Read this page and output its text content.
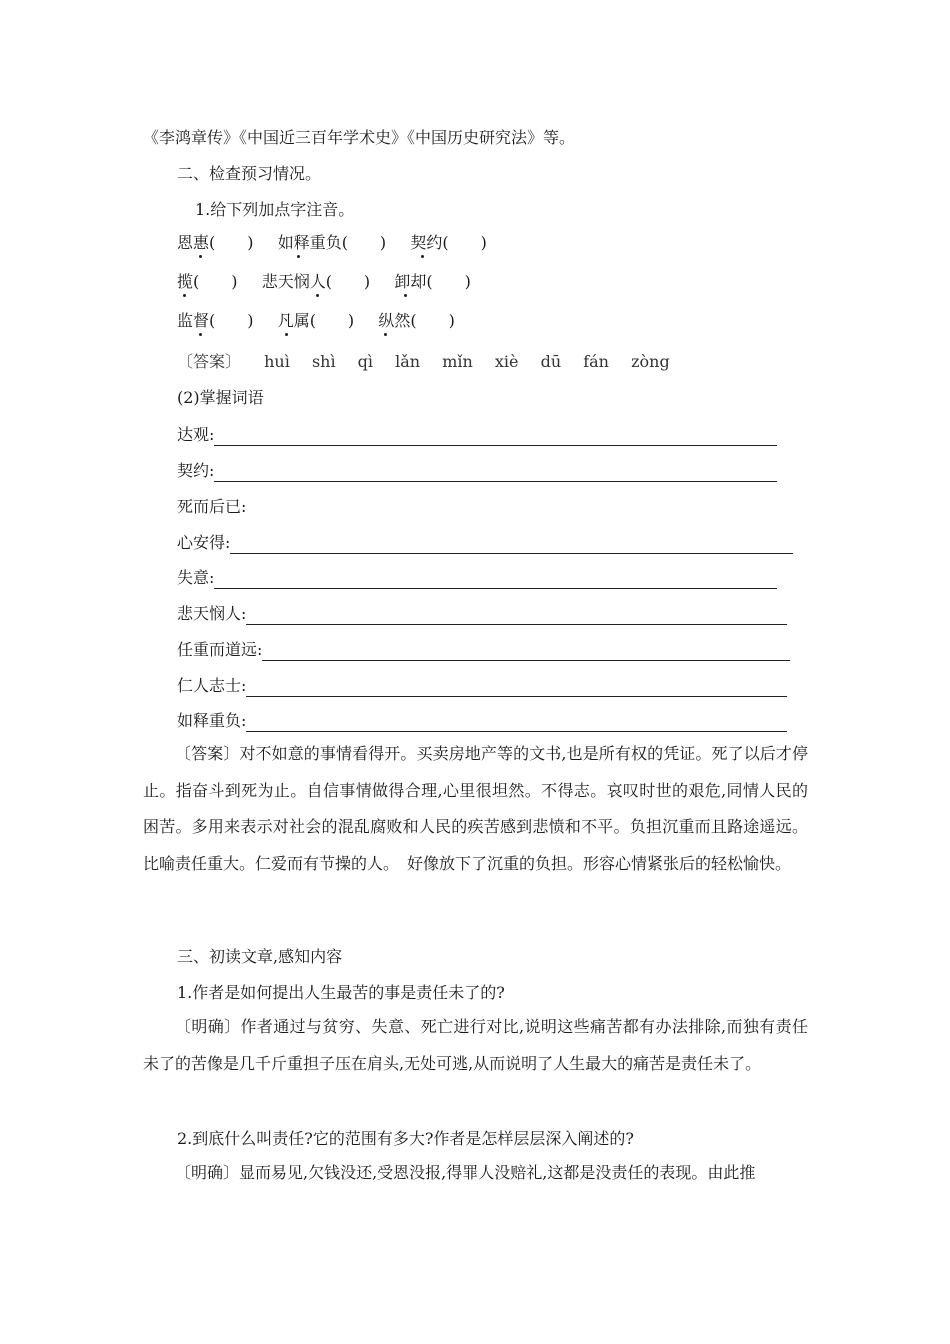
《李鸿章传》《中国近三百年学术史》《中国历史研究法》等。
二、检查预习情况。
1.给下列加点字注音。
恩惠(　　) 如释重负(　　) 契约(　　)
揽(　　) 悲天悯人(　　) 卸却(　　)
监督(　　) 凡属(　　) 纵然(　　)
〔答案〕 huì shì qì lǎn mǐn xiè dū fán zòng
(2)掌握词语
达观:
契约:
死而后已:
心安得:
失意:
悲天悯人:
任重而道远:
仁人志士:
如释重负:
〔答案〕对不如意的事情看得开。买卖房地产等的文书,也是所有权的凭证。死了以后才停止。指奋斗到死为止。自信事情做得合理,心里很坦然。不得志。哀叹时世的艰危,同情人民的困苦。多用来表示对社会的混乱腐败和人民的疾苦感到悲愤和不平。负担沉重而且路途遥远。比喻责任重大。仁爱而有节操的人。　好像放下了沉重的负担。形容心情紧张后的轻松愉快。
三、初读文章,感知内容
1.作者是如何提出人生最苦的事是责任未了的?
〔明确〕作者通过与贫穷、失意、死亡进行对比,说明这些痛苦都有办法排除,而独有责任未了的苦像是几千斤重担子压在肩头,无处可逃,从而说明了人生最大的痛苦是责任未了。
2.到底什么叫责任?它的范围有多大?作者是怎样层层深入阐述的?
〔明确〕显而易见,欠钱没还,受恩没报,得罪人没赔礼,这都是没责任的表现。由此推
